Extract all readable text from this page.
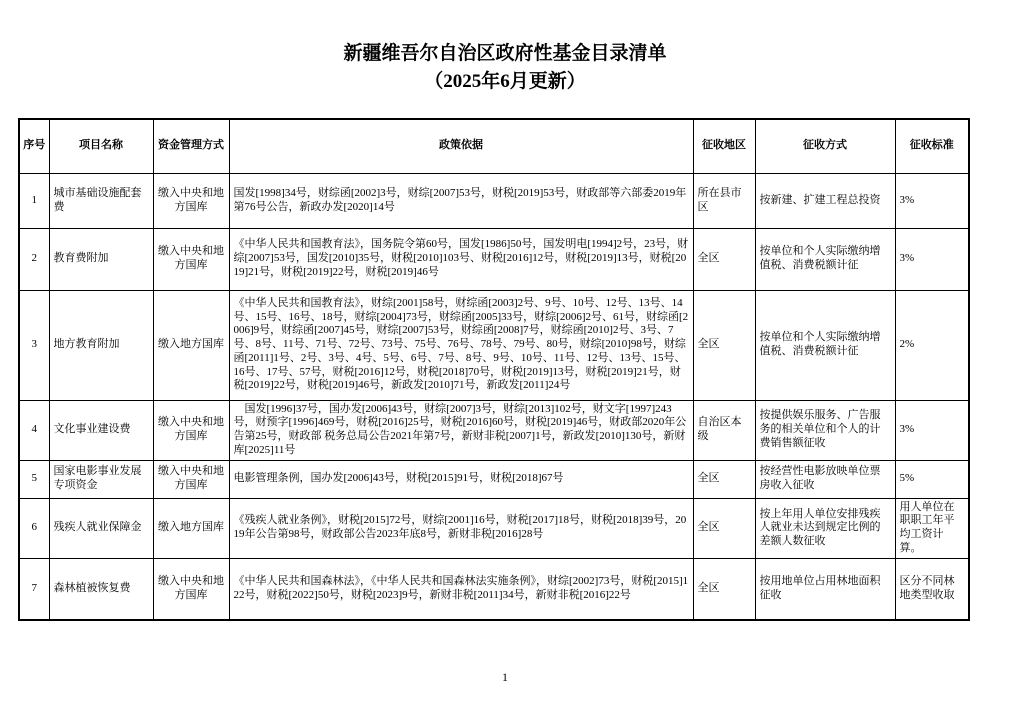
新疆维吾尔自治区政府性基金目录清单
（2025年6月更新）
序号	项目名称	资金管理方式	政策依据	征收地区	征收方式	征收标准
1	城市基础设施配套费	缴入中央和地方国库	国发[1998]34号，财综函[2002]3号，财综[2007]53号，财税[2019]53号，财政部等六部委2019年第76号公告，新政办发[2020]14号	所在县市区	按新建、扩建工程总投资	3%
2	教育费附加	缴入中央和地方国库	《中华人民共和国教育法》，国务院令第60号，国发[1986]50号，国发明电[1994]2号，23号，财综[2007]53号，国发[2010]35号，财税[2010]103号、财税[2016]12号，财税[2019]13号，财税[2019]21号，财税[2019]22号，财税[2019]46号	全区	按单位和个人实际缴纳增值税、消费税额计征	3%
3	地方教育附加	缴入地方国库	《中华人民共和国教育法》，财综[2001]58号，财综函[2003]2号、9号、10号、12号、13号、14号、15号、16号、18号，财综[2004]73号，财综函[2005]33号，财综[2006]2号、61号，财综函[2006]9号，财综函[2007]45号，财综[2007]53号，财综函[2008]7号，财综函[2010]2号、3号、7号、8号、11号、71号、72号、73号、75号、76号、78号、79号、80号，财综[2010]98号，财综函[2011]1号、2号、3号、4号、5号、6号、7号、8号、9号、10号、11号、12号、13号、15号、16号、17号、57号，财税[2016]12号，财税[2018]70号，财税[2019]13号，财税[2019]21号，财税[2019]22号，财税[2019]46号，新政发[2010]71号，新政发[2011]24号	全区	按单位和个人实际缴纳增值税、消费税额计征	2%
4	文化事业建设费	缴入中央和地方国库	　国发[1996]37号，国办发[2006]43号，财综[2007]3号，财综[2013]102号，财文字[1997]243号，财预字[1996]469号，财税[2016]25号，财税[2016]60号，财税[2019]46号，财政部2020年公告第25号，财政部 税务总局公告2021年第7号，新财非税[2007]1号，新政发[2010]130号，新财库[2025]11号	自治区本级	按提供娱乐服务、广告服务的相关单位和个人的计费销售额征收	3%
5	国家电影事业发展专项资金	缴入中央和地方国库	电影管理条例，国办发[2006]43号，财税[2015]91号，财税[2018]67号	全区	按经营性电影放映单位票房收入征收	5%
6	残疾人就业保障金	缴入地方国库	《残疾人就业条例》，财税[2015]72号，财综[2001]16号，财税[2017]18号，财税[2018]39号，2019年公告第98号，财政部公告2023年底8号，新财非税[2016]28号	全区	按上年用人单位安排残疾人就业未达到规定比例的差额人数征收	用人单位在职职工年平均工资计算。
7	森林植被恢复费	缴入中央和地方国库	《中华人民共和国森林法》，《中华人民共和国森林法实施条例》，财综[2002]73号，财税[2015]122号，财税[2022]50号，财税[2023]9号，新财非税[2011]34号，新财非税[2016]22号	全区	按用地单位占用林地面积征收	区分不同林地类型收取
1
